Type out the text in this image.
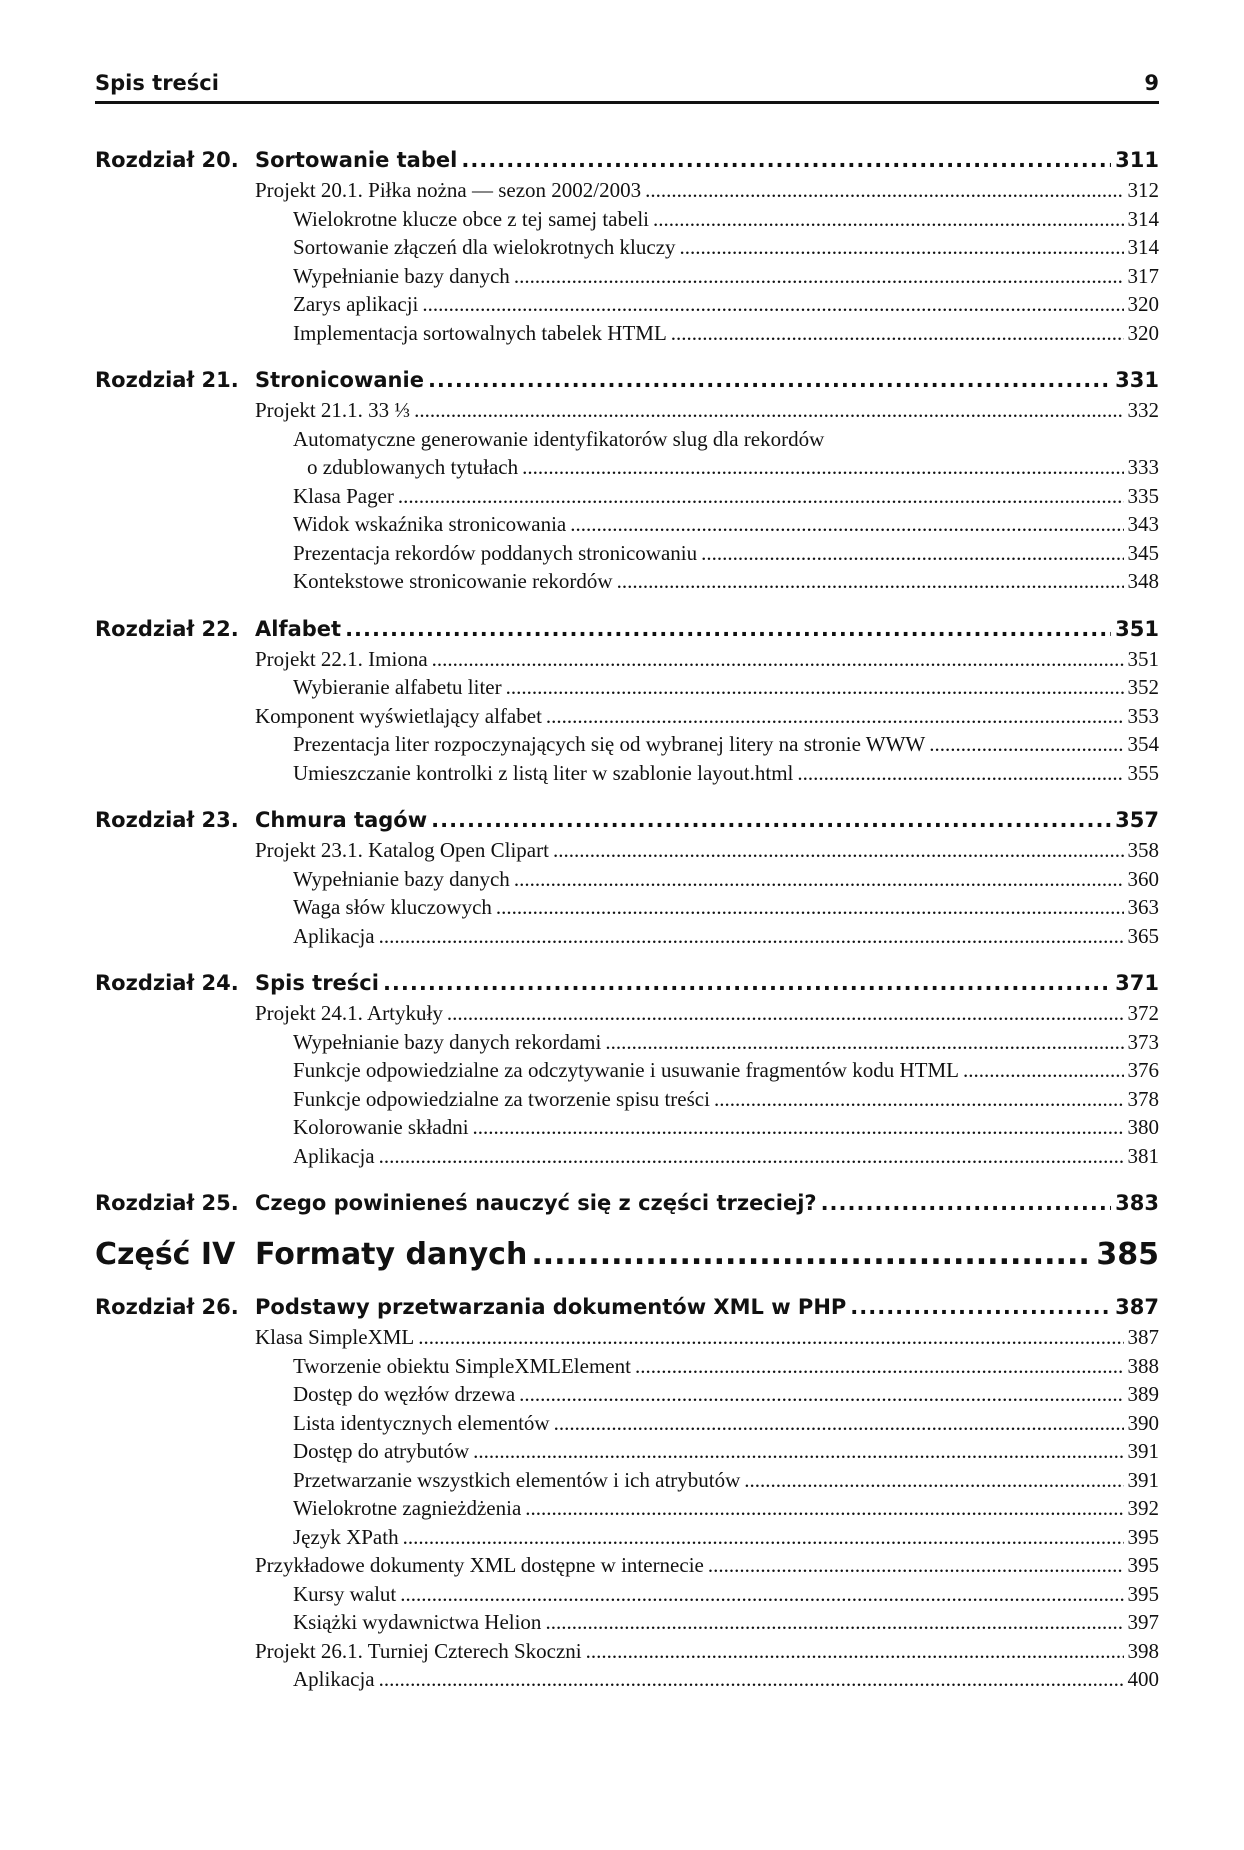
Spis treści	9
Rozdział 20. Sortowanie tabel .....	311
Projekt 20.1. Piłka nożna — sezon 2002/2003 .....	312
Wielokrotne klucze obce z tej samej tabeli .....	314
Sortowanie złączeń dla wielokrotnych kluczy .....	314
Wypełnianie bazy danych .....	317
Zarys aplikacji .....	320
Implementacja sortowalnych tabelek HTML .....	320
Rozdział 21. Stronicowanie .....	331
Projekt 21.1. 33 ⅓ .....	332
Automatyczne generowanie identyfikatorów slug dla rekordów
o zdublowanych tytułach .....	333
Klasa Pager .....	335
Widok wskaźnika stronicowania .....	343
Prezentacja rekordów poddanych stronicowaniu .....	345
Kontekstowe stronicowanie rekordów .....	348
Rozdział 22. Alfabet .....	351
Projekt 22.1. Imiona .....	351
Wybieranie alfabetu liter .....	352
Komponent wyświetlający alfabet .....	353
Prezentacja liter rozpoczynających się od wybranej litery na stronie WWW .....	354
Umieszczanie kontrolki z listą liter w szablonie layout.html .....	355
Rozdział 23. Chmura tagów .....	357
Projekt 23.1. Katalog Open Clipart .....	358
Wypełnianie bazy danych .....	360
Waga słów kluczowych .....	363
Aplikacja .....	365
Rozdział 24. Spis treści .....	371
Projekt 24.1. Artykuły .....	372
Wypełnianie bazy danych rekordami .....	373
Funkcje odpowiedzialne za odczytywanie i usuwanie fragmentów kodu HTML .....	376
Funkcje odpowiedzialne za tworzenie spisu treści .....	378
Kolorowanie składni .....	380
Aplikacja .....	381
Rozdział 25. Czego powinieneś nauczyć się z części trzeciej? .....	383
Część IV Formaty danych .....	385
Rozdział 26. Podstawy przetwarzania dokumentów XML w PHP .....	387
Klasa SimpleXML .....	387
Tworzenie obiektu SimpleXMLElement .....	388
Dostęp do węzłów drzewa .....	389
Lista identycznych elementów .....	390
Dostęp do atrybutów .....	391
Przetwarzanie wszystkich elementów i ich atrybutów .....	391
Wielokrotne zagnieżdżenia .....	392
Język XPath .....	395
Przykładowe dokumenty XML dostępne w internecie .....	395
Kursy walut .....	395
Książki wydawnictwa Helion .....	397
Projekt 26.1. Turniej Czterech Skoczni .....	398
Aplikacja .....	400
